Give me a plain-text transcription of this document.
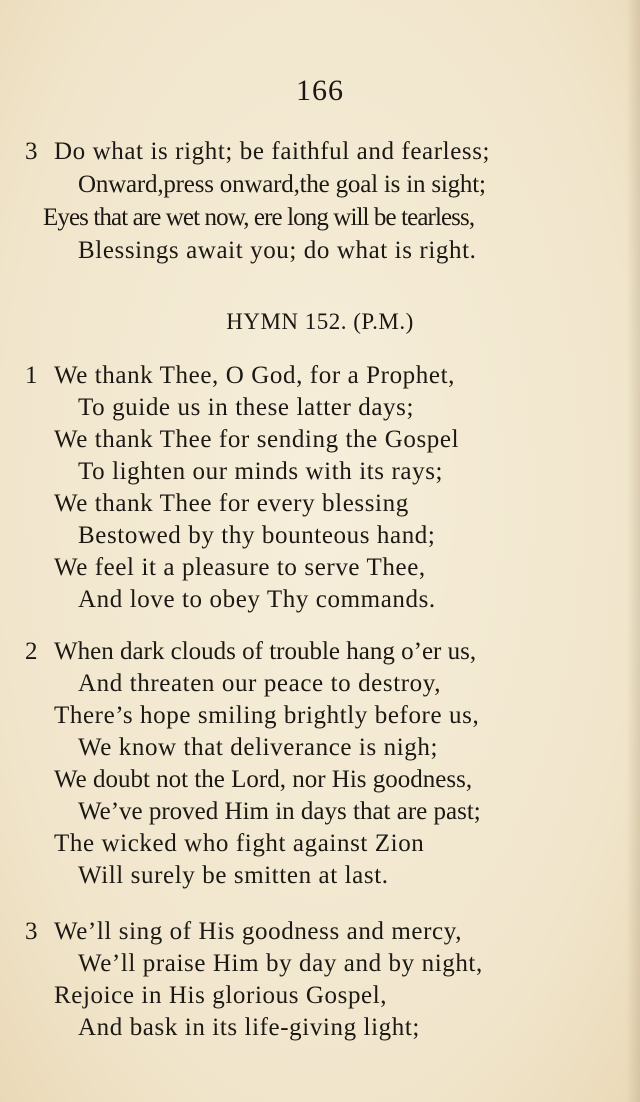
166
3 Do what is right; be faithful and fearless;
Onward,press onward,the goal is in sight;
Eyes that are wet now, ere long will be tearless,
Blessings await you; do what is right.
HYMN 152. (P.M.)
1 We thank Thee, O God, for a Prophet,
To guide us in these latter days;
We thank Thee for sending the Gospel
To lighten our minds with its rays;
We thank Thee for every blessing
Bestowed by thy bounteous hand;
We feel it a pleasure to serve Thee,
And love to obey Thy commands.
2 When dark clouds of trouble hang o’er us,
And threaten our peace to destroy,
There’s hope smiling brightly before us,
We know that deliverance is nigh;
We doubt not the Lord, nor His goodness,
We’ve proved Him in days that are past;
The wicked who fight against Zion
Will surely be smitten at last.
3 We’ll sing of His goodness and mercy,
We’ll praise Him by day and by night,
Rejoice in His glorious Gospel,
And bask in its life-giving light;
